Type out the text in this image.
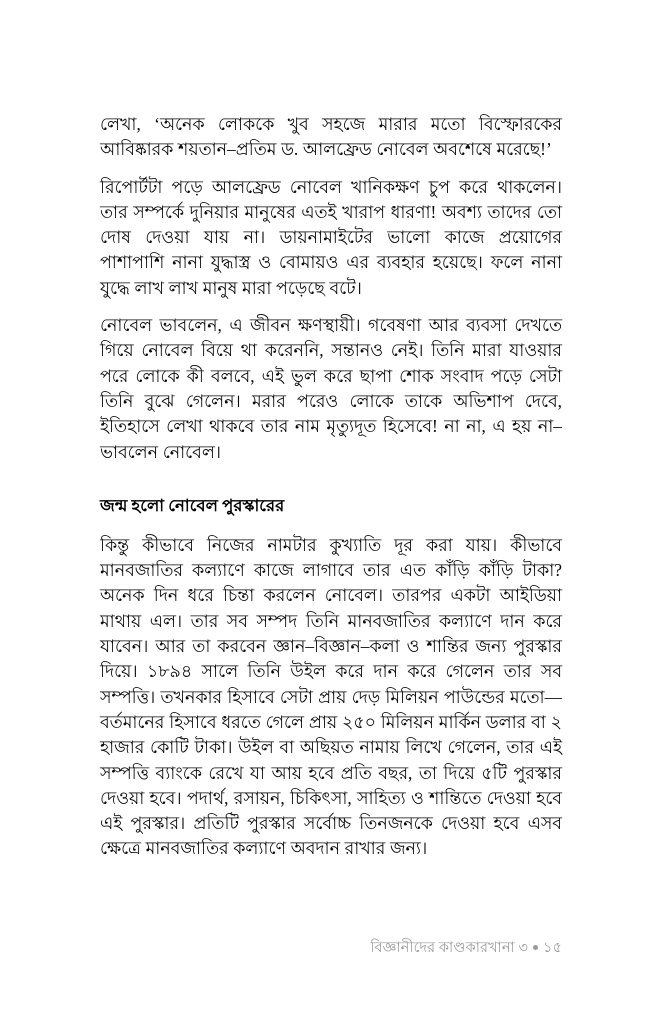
লেখা, ‘অনেক লোককে খুব সহজে মারার মতো বিস্ফোরকের আবিষ্কারক শয়তান–প্রতিম ড. আলফ্রেড নোবেল অবশেষে মরেছে!’

রিপোর্টটা পড়ে আলফ্রেড নোবেল খানিকক্ষণ চুপ করে থাকলেন। তার সম্পর্কে দুনিয়ার মানুষের এতই খারাপ ধারণা! অবশ্য তাদের তো দোষ দেওয়া যায় না। ডায়নামাইটের ভালো কাজে প্রয়োগের পাশাপাশি নানা যুদ্ধাস্ত্র ও বোমায়ও এর ব্যবহার হয়েছে। ফলে নানা যুদ্ধে লাখ লাখ মানুষ মারা পড়েছে বটে।

নোবেল ভাবলেন, এ জীবন ক্ষণস্থায়ী। গবেষণা আর ব্যবসা দেখতে গিয়ে নোবেল বিয়ে থা করেননি, সন্তানও নেই। তিনি মারা যাওয়ার পরে লোকে কী বলবে, এই ভুল করে ছাপা শোক সংবাদ পড়ে সেটা তিনি বুঝে গেলেন। মরার পরেও লোকে তাকে অভিশাপ দেবে, ইতিহাসে লেখা থাকবে তার নাম মৃত্যুদূত হিসেবে! না না, এ হয় না– ভাবলেন নোবেল।

জন্ম হলো নোবেল পুরস্কারের

কিন্তু কীভাবে নিজের নামটার কুখ্যাতি দূর করা যায়। কীভাবে মানবজাতির কল্যাণে কাজে লাগাবে তার এত কাঁড়ি কাঁড়ি টাকা? অনেক দিন ধরে চিন্তা করলেন নোবেল। তারপর একটা আইডিয়া মাথায় এল। তার সব সম্পদ তিনি মানবজাতির কল্যাণে দান করে যাবেন। আর তা করবেন জ্ঞান–বিজ্ঞান–কলা ও শান্তির জন্য পুরস্কার দিয়ে। ১৮৯৪ সালে তিনি উইল করে দান করে গেলেন তার সব সম্পত্তি। তখনকার হিসাবে সেটা প্রায় দেড় মিলিয়ন পাউন্ডের মতো—বর্তমানের হিসাবে ধরতে গেলে প্রায় ২৫০ মিলিয়ন মার্কিন ডলার বা ২ হাজার কোটি টাকা। উইল বা অছিয়ত নামায় লিখে গেলেন, তার এই সম্পত্তি ব্যাংকে রেখে যা আয় হবে প্রতি বছর, তা দিয়ে ৫টি পুরস্কার দেওয়া হবে। পদার্থ, রসায়ন, চিকিৎসা, সাহিত্য ও শান্তিতে দেওয়া হবে এই পুরস্কার। প্রতিটি পুরস্কার সর্বোচ্চ তিনজনকে দেওয়া হবে এসব ক্ষেত্রে মানবজাতির কল্যাণে অবদান রাখার জন্য।

বিজ্ঞানীদের কাণ্ডকারখানা ৩ ১৫
